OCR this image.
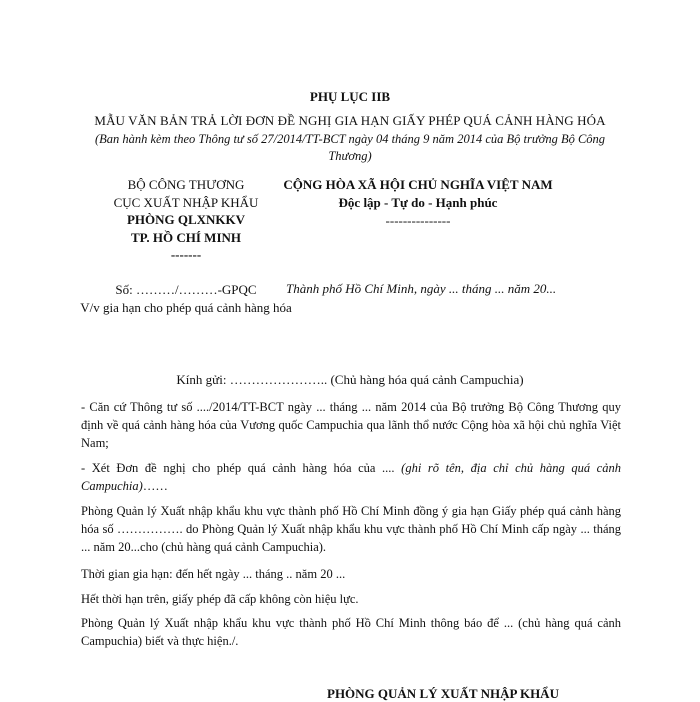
PHỤ LỤC IIB
MẪU VĂN BẢN TRẢ LỜI ĐƠN ĐỀ NGHỊ GIA HẠN GIẤY PHÉP QUÁ CẢNH HÀNG HÓA
(Ban hành kèm theo Thông tư số 27/2014/TT-BCT ngày 04 tháng 9 năm 2014 của Bộ trưởng Bộ Công Thương)
BỘ CÔNG THƯƠNG
CỤC XUẤT NHẬP KHẨU
PHÒNG QLXNKKV
TP. HỒ CHÍ MINH
-------
CỘNG HÒA XÃ HỘI CHỦ NGHĨA VIỆT NAM
Độc lập - Tự do - Hạnh phúc
---------------
Số: ………/………-GPQC
V/v gia hạn cho phép quá cảnh hàng hóa
Thành phố Hồ Chí Minh, ngày ... tháng ... năm 20...
Kính gửi: ………………….. (Chủ hàng hóa quá cảnh Campuchia)
- Căn cứ Thông tư số ..../2014/TT-BCT ngày ... tháng ... năm 2014 của Bộ trưởng Bộ Công Thương quy định về quá cảnh hàng hóa của Vương quốc Campuchia qua lãnh thổ nước Cộng hòa xã hội chủ nghĩa Việt Nam;
- Xét Đơn đề nghị cho phép quá cảnh hàng hóa của .... (ghi rõ tên, địa chỉ chủ hàng quá cảnh Campuchia)……
Phòng Quản lý Xuất nhập khẩu khu vực thành phố Hồ Chí Minh đồng ý gia hạn Giấy phép quá cảnh hàng hóa số ……………. do Phòng Quản lý Xuất nhập khẩu khu vực thành phố Hồ Chí Minh cấp ngày ... tháng ... năm 20...cho (chủ hàng quá cảnh Campuchia).
Thời gian gia hạn: đến hết ngày ... tháng .. năm 20 ...
Hết thời hạn trên, giấy phép đã cấp không còn hiệu lực.
Phòng Quản lý Xuất nhập khẩu khu vực thành phố Hồ Chí Minh thông báo để ... (chủ hàng quá cảnh Campuchia) biết và thực hiện./.
PHÒNG QUẢN LÝ XUẤT NHẬP KHẨU
